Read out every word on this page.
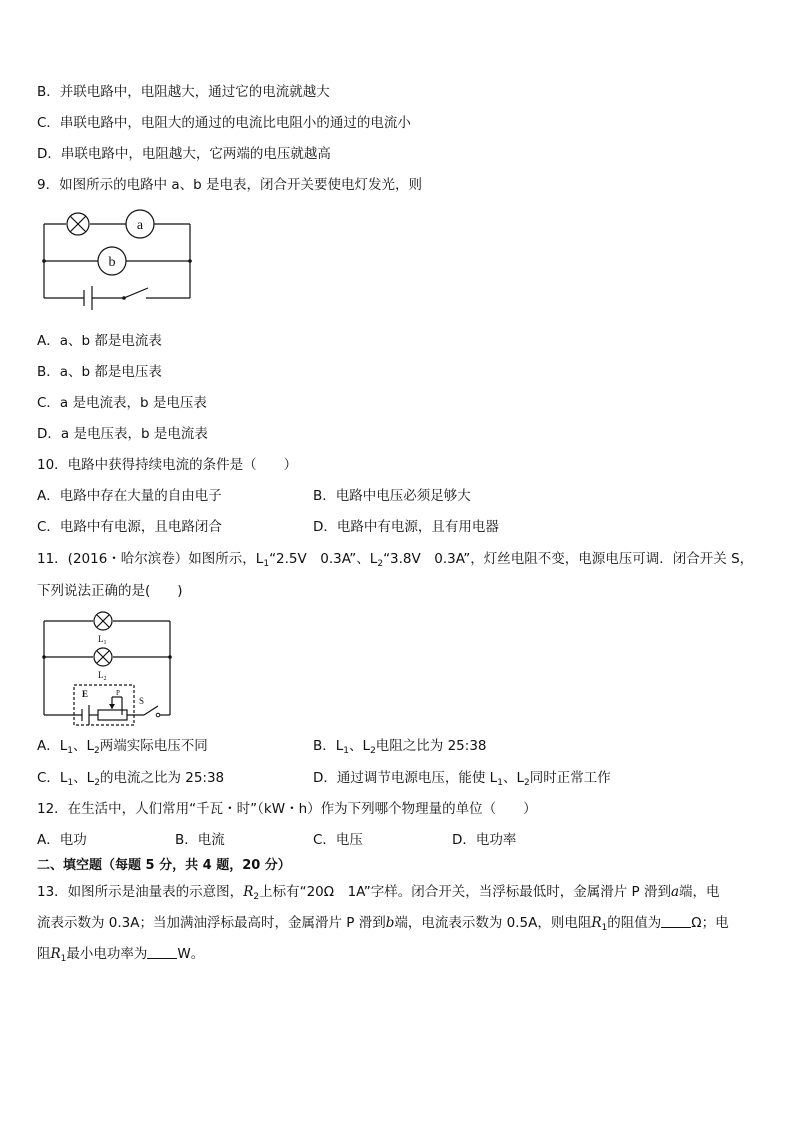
B．并联电路中，电阻越大，通过它的电流就越大
C．串联电路中，电阻大的通过的电流比电阻小的通过的电流小
D．串联电路中，电阻越大，它两端的电压就越高
9．如图所示的电路中 a、b 是电表，闭合开关要使电灯发光，则
a
b
A．a、b 都是电流表
B．a、b 都是电压表
C．a 是电流表，b 是电压表
D．a 是电压表，b 是电流表
10．电路中获得持续电流的条件是（　　）
A．电路中存在大量的自由电子	B．电路中电压必须足够大
C．电路中有电源，且电路闭合	D．电路中有电源，且有用电器
11．(2016・哈尔滨卷）如图所示，$L_1“2.5V$　0.3A”、$L_2“3.8V$　0.3A”，灯丝电阻不变，电源电压可调．闭合开关 S，
下列说法正确的是(　　)
$L_1$
$L_2$
E	P
S
A．$L_1$、$L_2$两端实际电压不同	B．$L_1$、$L_2$电阻之比为 25:38
C．$L_1$、$L_2$的电流之比为 25:38	D．通过调节电源电压，能使 $L_1$、$L_2$同时正常工作
12．在生活中，人们常用“千瓦・时”（kW・h）作为下列哪个物理量的单位（　　）
A．电功	B．电流	C．电压	D．电功率
二、填空题（每题 5 分，共 4 题，20 分）
13．如图所示是油量表的示意图，$R_2$上标有“20Ω　1A”字样。闭合开关，当浮标最低时，金属滑片 P 滑到a端，电
流表示数为 0.3A；当加满油浮标最高时，金属滑片 P 滑到b端，电流表示数为 0.5A，则电阻$R_1$的阻值为 Ω；电
阻$R_1$最小电功率为 W。
